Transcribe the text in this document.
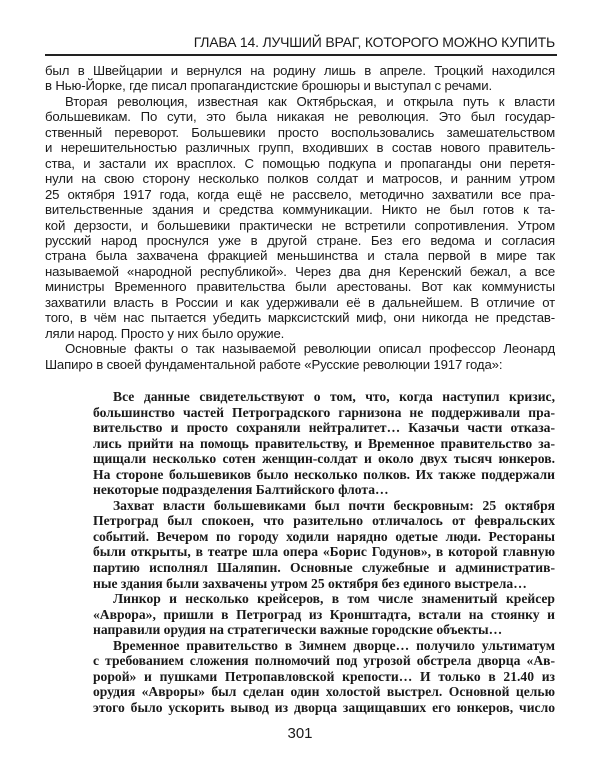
ГЛАВА 14. ЛУЧШИЙ ВРАГ, КОТОРОГО МОЖНО КУПИТЬ
был в Швейцарии и вернулся на родину лишь в апреле. Троцкий находился
в Нью-Йорке, где писал пропагандистские брошюры и выступал с речами.
Вторая революция, известная как Октябрьская, и открыла путь к власти
большевикам. По сути, это была никакая не революция. Это был государ-
ственный переворот. Большевики просто воспользовались замешательством
и нерешительностью различных групп, входивших в состав нового правитель-
ства, и застали их врасплох. С помощью подкупа и пропаганды они перетя-
нули на свою сторону несколько полков солдат и матросов, и ранним утром
25 октября 1917 года, когда ещё не рассвело, методично захватили все пра-
вительственные здания и средства коммуникации. Никто не был готов к та-
кой дерзости, и большевики практически не встретили сопротивления. Утром
русский народ проснулся уже в другой стране. Без его ведома и согласия
страна была захвачена фракцией меньшинства и стала первой в мире так
называемой «народной республикой». Через два дня Керенский бежал, а все
министры Временного правительства были арестованы. Вот как коммунисты
захватили власть в России и как удерживали её в дальнейшем. В отличие от
того, в чём нас пытается убедить марксистский миф, они никогда не представ-
ляли народ. Просто у них было оружие.
Основные факты о так называемой революции описал профессор Леонард
Шапиро в своей фундаментальной работе «Русские революции 1917 года»:
Все данные свидетельствуют о том, что, когда наступил кризис,
большинство частей Петроградского гарнизона не поддерживали пра-
вительство и просто сохраняли нейтралитет… Казачьи части отказа-
лись прийти на помощь правительству, и Временное правительство за-
щищали несколько сотен женщин-солдат и около двух тысяч юнкеров.
На стороне большевиков было несколько полков. Их также поддержали
некоторые подразделения Балтийского флота…
Захват власти большевиками был почти бескровным: 25 октября
Петроград был спокоен, что разительно отличалось от февральских
событий. Вечером по городу ходили нарядно одетые люди. Рестораны
были открыты, в театре шла опера «Борис Годунов», в которой главную
партию исполнял Шаляпин. Основные служебные и административ-
ные здания были захвачены утром 25 октября без единого выстрела…
Линкор и несколько крейсеров, в том числе знаменитый крейсер
«Аврора», пришли в Петроград из Кронштадта, встали на стоянку и
направили орудия на стратегически важные городские объекты…
Временное правительство в Зимнем дворце… получило ультиматум
с требованием сложения полномочий под угрозой обстрела дворца «Ав-
ророй» и пушками Петропавловской крепости… И только в 21.40 из
орудия «Авроры» был сделан один холостой выстрел. Основной целью
этого было ускорить вывод из дворца защищавших его юнкеров, число
301
